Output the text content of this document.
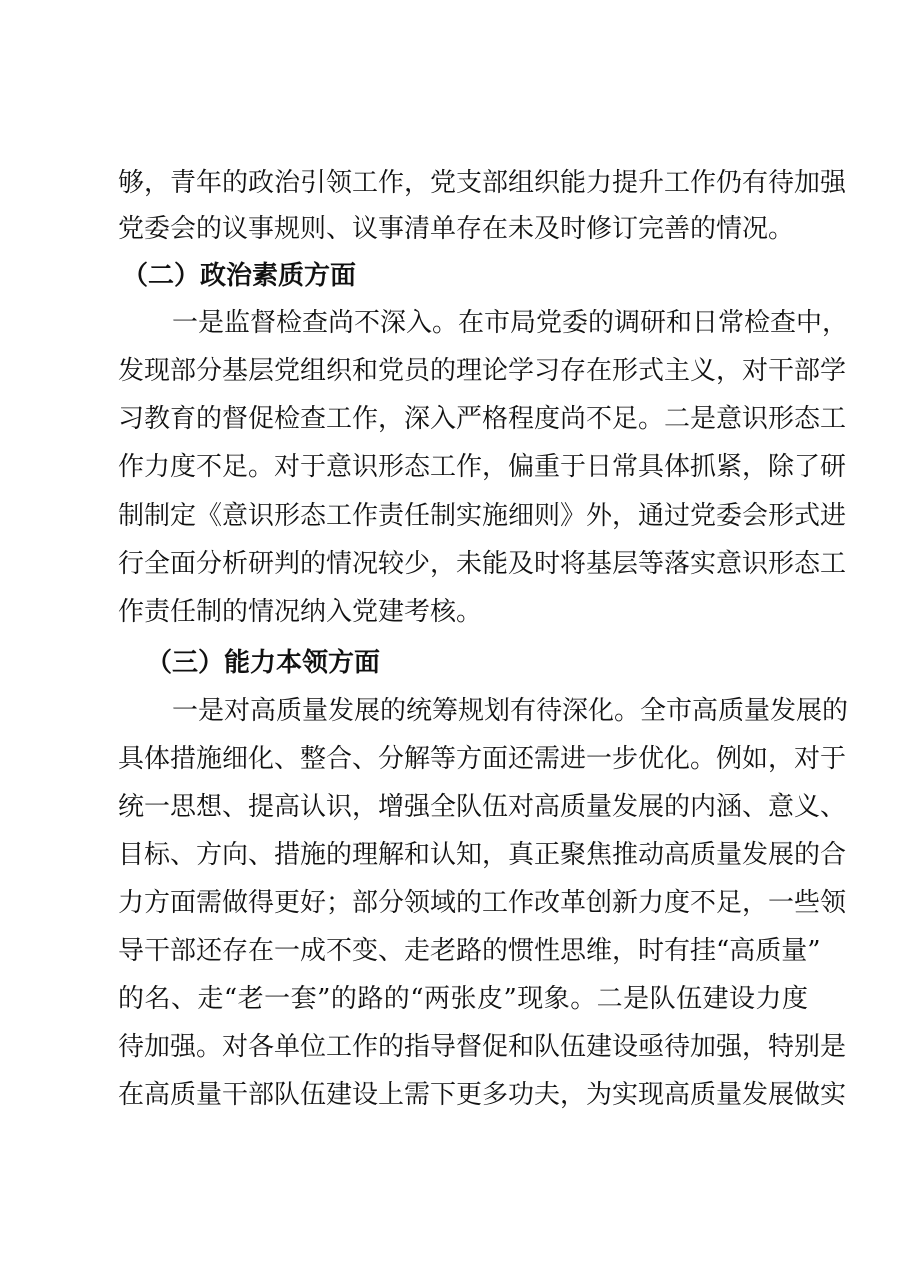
够，青年的政治引领工作，党支部组织能力提升工作仍有待加强
党委会的议事规则、议事清单存在未及时修订完善的情况。
（二）政治素质方面
一是监督检查尚不深入。在市局党委的调研和日常检查中，
发现部分基层党组织和党员的理论学习存在形式主义，对干部学
习教育的督促检查工作，深入严格程度尚不足。二是意识形态工
作力度不足。对于意识形态工作，偏重于日常具体抓紧，除了研
制制定《意识形态工作责任制实施细则》外，通过党委会形式进
行全面分析研判的情况较少，未能及时将基层等落实意识形态工
作责任制的情况纳入党建考核。
（三）能力本领方面
一是对高质量发展的统筹规划有待深化。全市高质量发展的
具体措施细化、整合、分解等方面还需进一步优化。例如，对于
统一思想、提高认识，增强全队伍对高质量发展的内涵、意义、
目标、方向、措施的理解和认知，真正聚焦推动高质量发展的合
力方面需做得更好；部分领域的工作改革创新力度不足，一些领
导干部还存在一成不变、走老路的惯性思维，时有挂“高质量”
的名、走“老一套”的路的“两张皮”现象。二是队伍建设力度
待加强。对各单位工作的指导督促和队伍建设亟待加强，特别是
在高质量干部队伍建设上需下更多功夫，为实现高质量发展做实
